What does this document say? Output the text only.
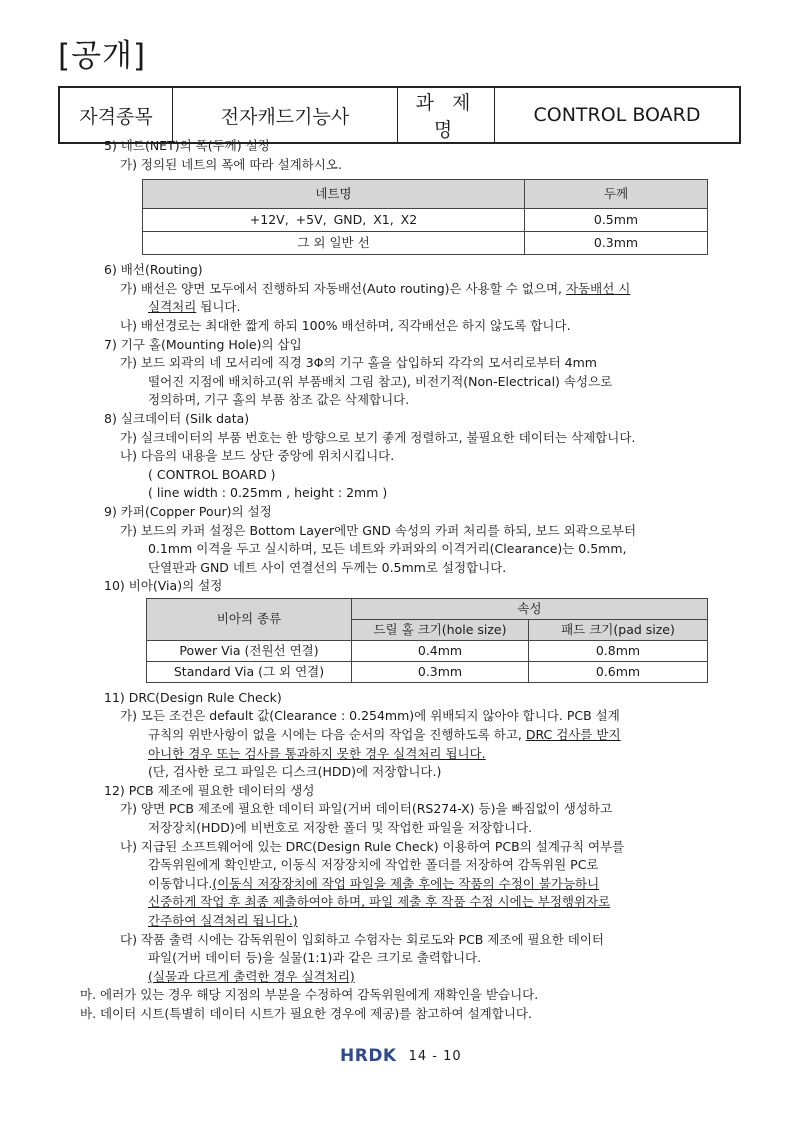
[공개]
자격종목	전자캐드기능사	과 제 명	CONTROL BOARD
5) 네트(NET)의 폭(두께) 설정
가) 정의된 네트의 폭에 따라 설계하시오.
네트명	두께
+12V, +5V, GND, X1, X2	0.5mm
그 외 일반 선	0.3mm
6) 배선(Routing)
가) 배선은 양면 모두에서 진행하되 자동배선(Auto routing)은 사용할 수 없으며, 자동배선 시
실격처리 됩니다.
나) 배선경로는 최대한 짧게 하되 100% 배선하며, 직각배선은 하지 않도록 합니다.
7) 기구 홀(Mounting Hole)의 삽입
가) 보드 외곽의 네 모서리에 직경 3Φ의 기구 홀을 삽입하되 각각의 모서리로부터 4mm
떨어진 지점에 배치하고(위 부품배치 그림 참고), 비전기적(Non-Electrical) 속성으로
정의하며, 기구 홀의 부품 참조 값은 삭제합니다.
8) 실크데이터 (Silk data)
가) 실크데이터의 부품 번호는 한 방향으로 보기 좋게 정렬하고, 불필요한 데이터는 삭제합니다.
나) 다음의 내용을 보드 상단 중앙에 위치시킵니다.
( CONTROL BOARD )
( line width : 0.25mm , height : 2mm )
9) 카퍼(Copper Pour)의 설정
가) 보드의 카퍼 설정은 Bottom Layer에만 GND 속성의 카퍼 처리를 하되, 보드 외곽으로부터
0.1mm 이격을 두고 실시하며, 모든 네트와 카퍼와의 이격거리(Clearance)는 0.5mm,
단열판과 GND 네트 사이 연결선의 두께는 0.5mm로 설정합니다.
10) 비아(Via)의 설정
비아의 종류	속성	
	드릴 홀 크기(hole size)	패드 크기(pad size)
Power Via (전원선 연결)	0.4mm	0.8mm
Standard Via (그 외 연결)	0.3mm	0.6mm
11) DRC(Design Rule Check)
가) 모든 조건은 default 값(Clearance : 0.254mm)에 위배되지 않아야 합니다. PCB 설계
규칙의 위반사항이 없을 시에는 다음 순서의 작업을 진행하도록 하고, DRC 검사를 받지
아니한 경우 또는 검사를 통과하지 못한 경우 실격처리 됩니다.
(단, 검사한 로그 파일은 디스크(HDD)에 저장합니다.)
12) PCB 제조에 필요한 데이터의 생성
가) 양면 PCB 제조에 필요한 데이터 파일(거버 데이터(RS274-X) 등)을 빠짐없이 생성하고
저장장치(HDD)에 비번호로 저장한 폴더 및 작업한 파일을 저장합니다.
나) 지급된 소프트웨어에 있는 DRC(Design Rule Check) 이용하여 PCB의 설계규칙 여부를
감독위원에게 확인받고, 이동식 저장장치에 작업한 폴더를 저장하여 감독위원 PC로
이동합니다.(이동식 저장장치에 작업 파일을 제출 후에는 작품의 수정이 불가능하니
신중하게 작업 후 최종 제출하여야 하며, 파일 제출 후 작품 수정 시에는 부정행위자로
간주하여 실격처리 됩니다.)
다) 작품 출력 시에는 감독위원이 입회하고 수험자는 회로도와 PCB 제조에 필요한 데이터
파일(거버 데이터 등)을 실물(1:1)과 같은 크기로 출력합니다.
(실물과 다르게 출력한 경우 실격처리)
마. 에러가 있는 경우 해당 지점의 부분을 수정하여 감독위원에게 재확인을 받습니다.
바. 데이터 시트(특별히 데이터 시트가 필요한 경우에 제공)를 참고하여 설계합니다.
HRDK 14 - 10
